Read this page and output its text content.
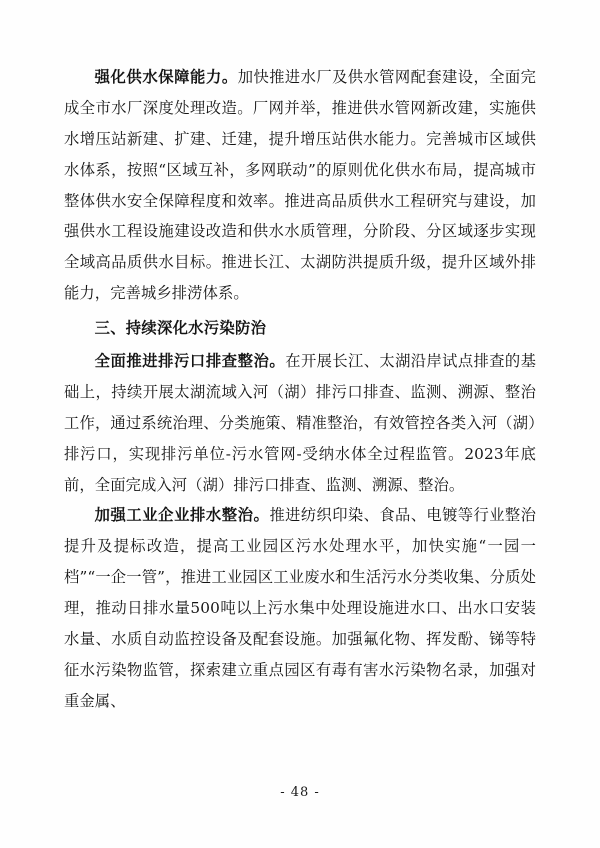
强化供水保障能力。加快推进水厂及供水管网配套建设，全面完成全市水厂深度处理改造。厂网并举，推进供水管网新改建，实施供水增压站新建、扩建、迁建，提升增压站供水能力。完善城市区域供水体系，按照“区域互补，多网联动”的原则优化供水布局，提高城市整体供水安全保障程度和效率。推进高品质供水工程研究与建设，加强供水工程设施建设改造和供水水质管理，分阶段、分区域逐步实现全域高品质供水目标。推进长江、太湖防洪提质升级，提升区域外排能力，完善城乡排涝体系。

三、持续深化水污染防治

全面推进排污口排查整治。在开展长江、太湖沿岸试点排查的基础上，持续开展太湖流域入河（湖）排污口排查、监测、溯源、整治工作，通过系统治理、分类施策、精准整治，有效管控各类入河（湖）排污口，实现排污单位-污水管网-受纳水体全过程监管。2023年底前，全面完成入河（湖）排污口排查、监测、溯源、整治。

加强工业企业排水整治。推进纺织印染、食品、电镀等行业整治提升及提标改造，提高工业园区污水处理水平，加快实施“一园一档”“一企一管”，推进工业园区工业废水和生活污水分类收集、分质处理，推动日排水量500吨以上污水集中处理设施进水口、出水口安装水量、水质自动监控设备及配套设施。加强氟化物、挥发酚、锑等特征水污染物监管，探索建立重点园区有毒有害水污染物名录，加强对重金属、

- 48 -
